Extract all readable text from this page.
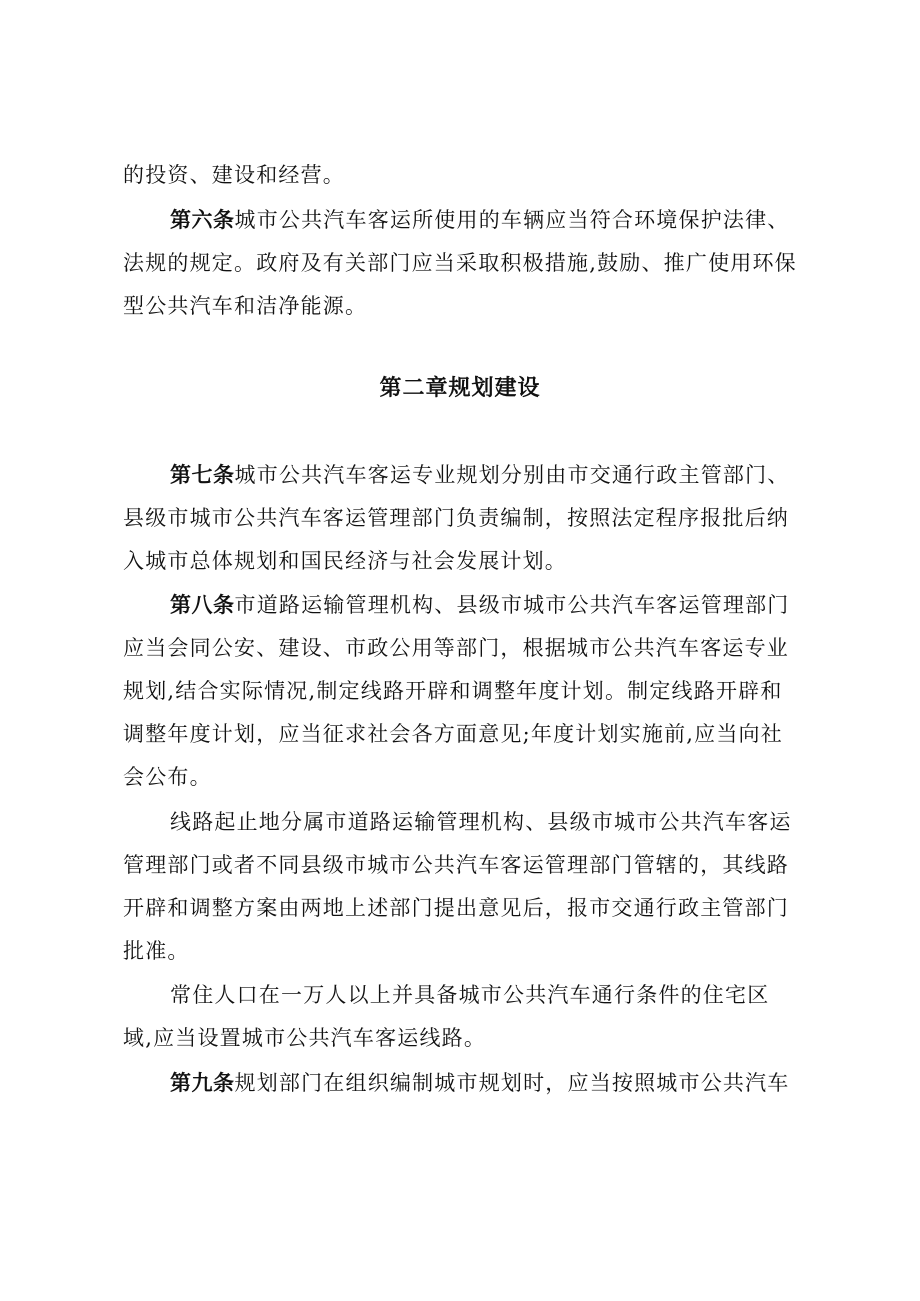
的投资、建设和经营。
第六条城市公共汽车客运所使用的车辆应当符合环境保护法律、
法规的规定。政府及有关部门应当采取积极措施,鼓励、推广使用环保
型公共汽车和洁净能源。
第二章规划建设
第七条城市公共汽车客运专业规划分别由市交通行政主管部门、
县级市城市公共汽车客运管理部门负责编制，按照法定程序报批后纳
入城市总体规划和国民经济与社会发展计划。
第八条市道路运输管理机构、县级市城市公共汽车客运管理部门
应当会同公安、建设、市政公用等部门，根据城市公共汽车客运专业
规划,结合实际情况,制定线路开辟和调整年度计划。制定线路开辟和
调整年度计划，应当征求社会各方面意见;年度计划实施前,应当向社
会公布。
线路起止地分属市道路运输管理机构、县级市城市公共汽车客运
管理部门或者不同县级市城市公共汽车客运管理部门管辖的，其线路
开辟和调整方案由两地上述部门提出意见后，报市交通行政主管部门
批准。
常住人口在一万人以上并具备城市公共汽车通行条件的住宅区
域,应当设置城市公共汽车客运线路。
第九条规划部门在组织编制城市规划时，应当按照城市公共汽车
